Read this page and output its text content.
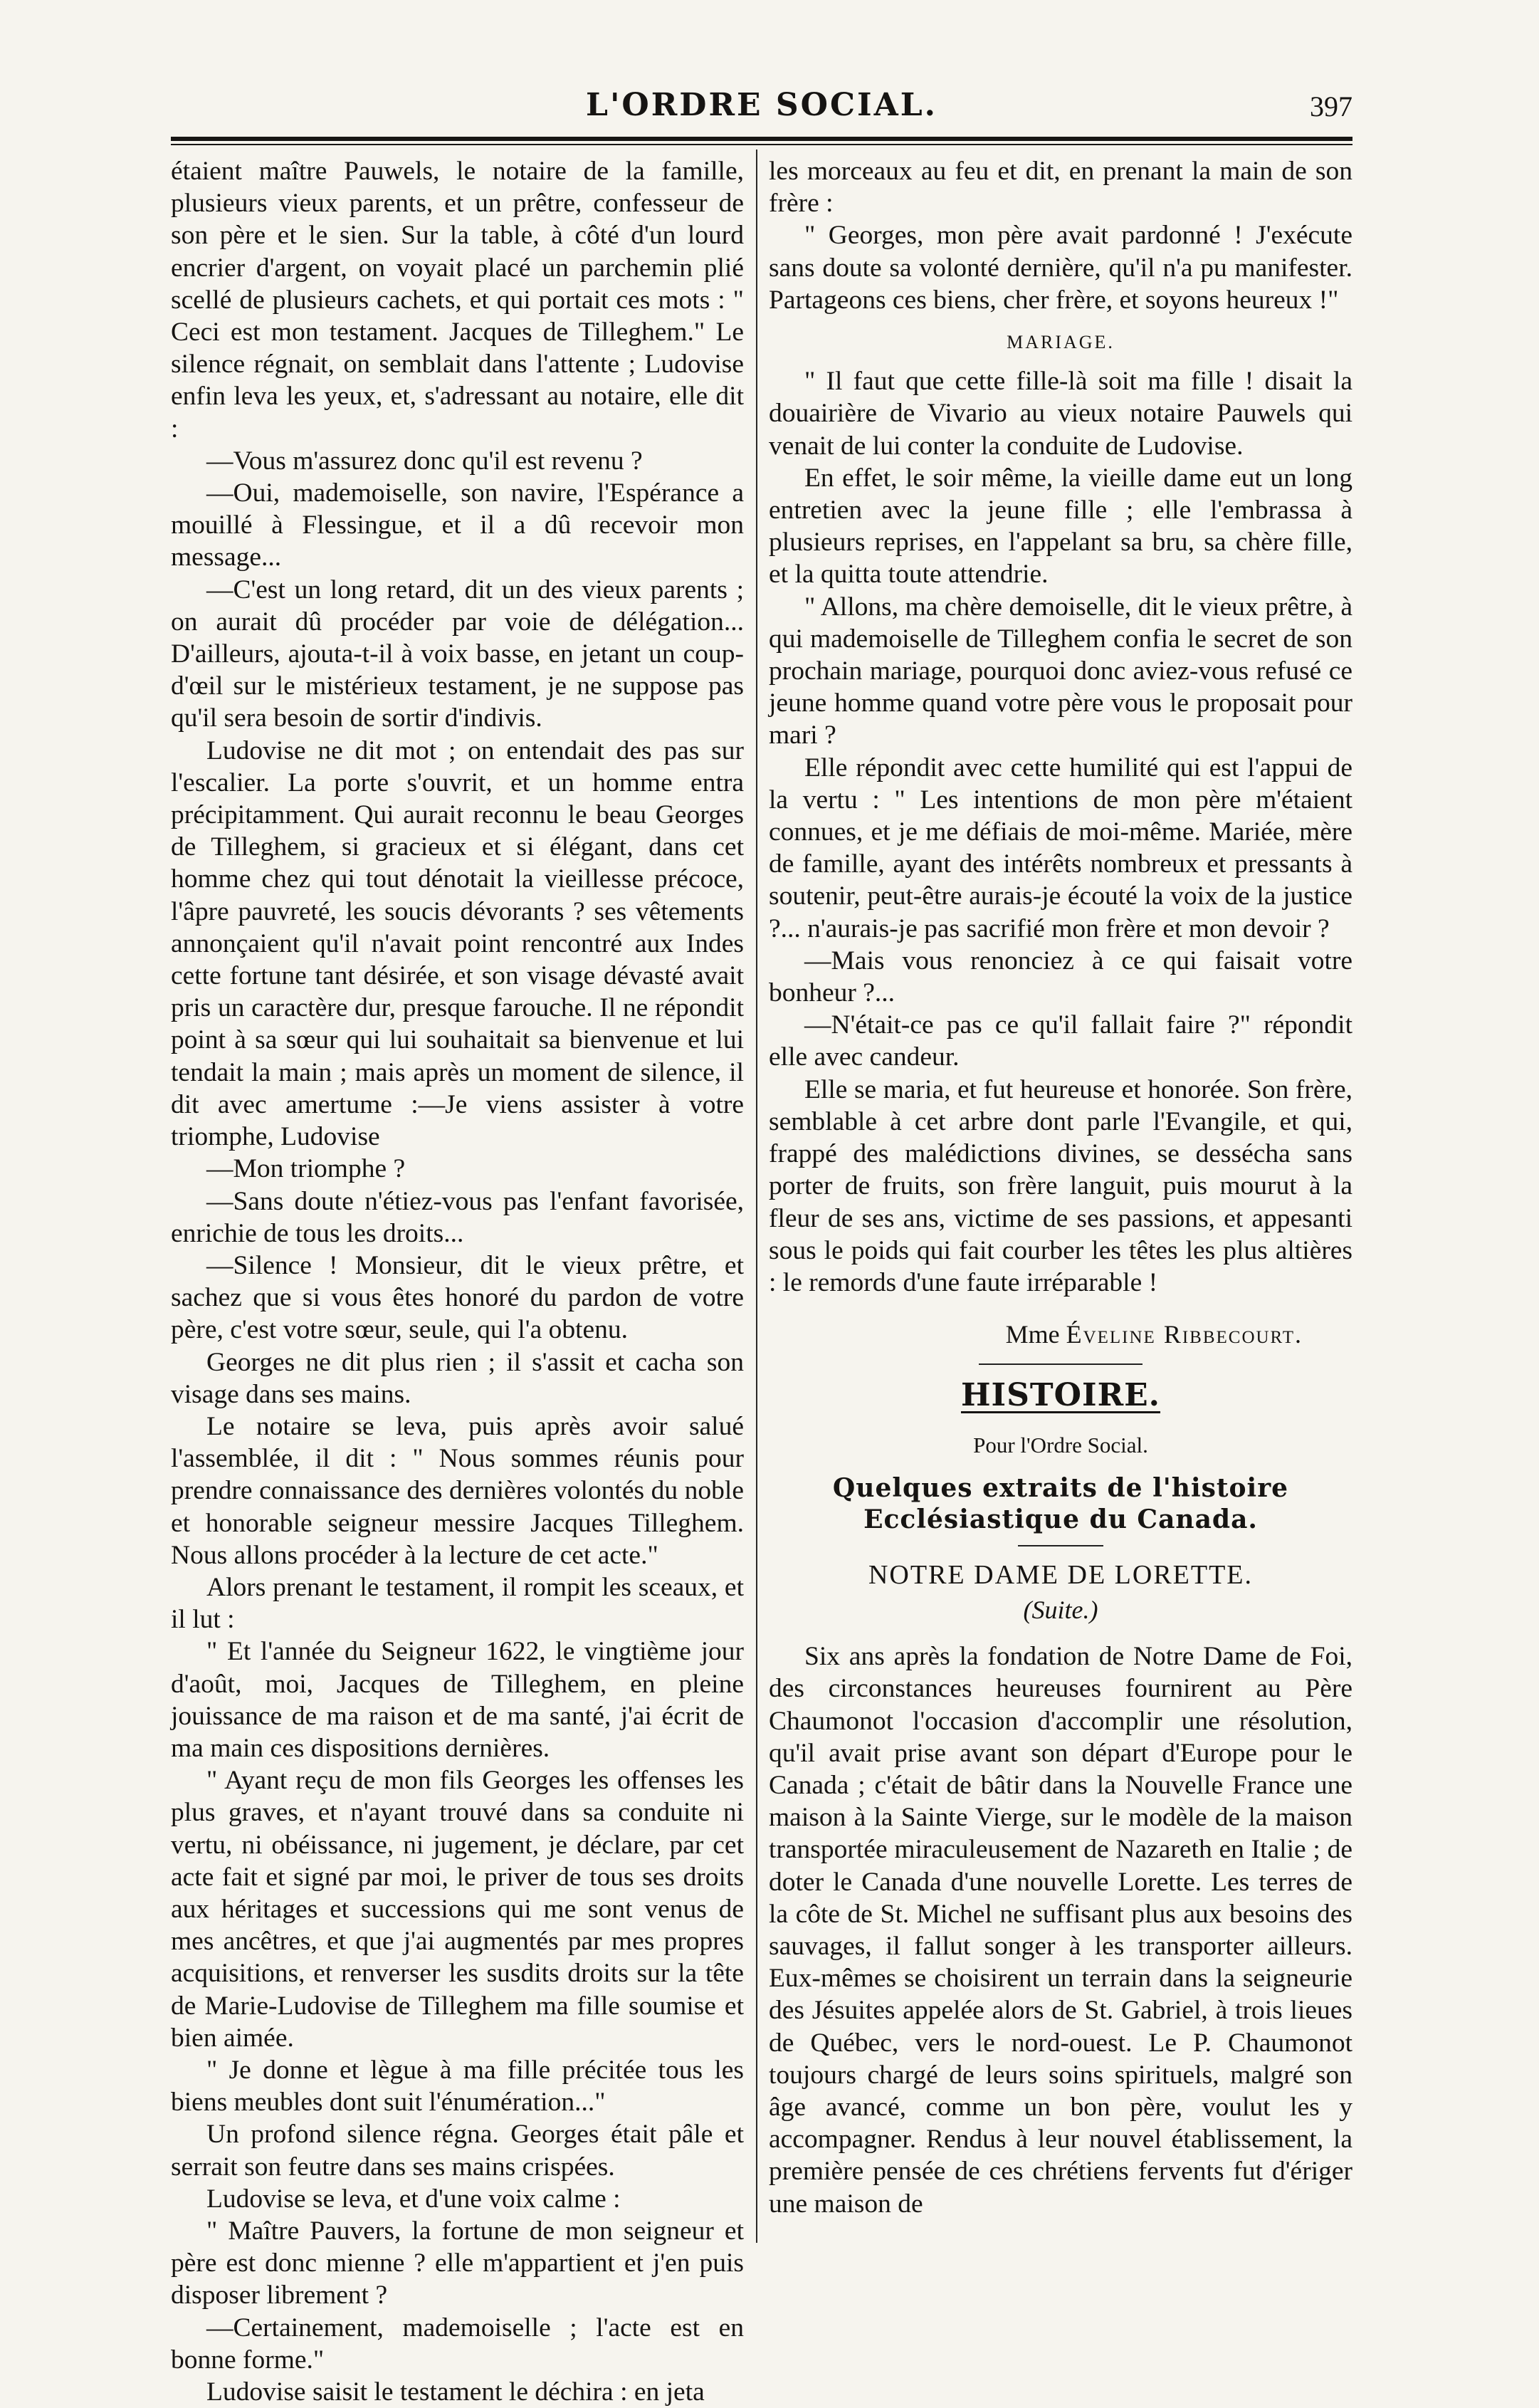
L'ORDRE SOCIAL.	397

étaient maître Pauwels, le notaire de la famille, plusieurs vieux parents, et un prêtre, confesseur de son père et le sien. Sur la table, à côté d'un lourd encrier d'argent, on voyait placé un parchemin plié scellé de plusieurs cachets, et qui portait ces mots : " Ceci est mon testament. Jacques de Tilleghem." Le silence régnait, on semblait dans l'attente ; Ludovise enfin leva les yeux, et, s'adressant au notaire, elle dit :

—Vous m'assurez donc qu'il est revenu ?

—Oui, mademoiselle, son navire, l'Espérance a mouillé à Flessingue, et il a dû recevoir mon message...

—C'est un long retard, dit un des vieux parents ; on aurait dû procéder par voie de délégation... D'ailleurs, ajouta-t-il à voix basse, en jetant un coup-d'œil sur le mistérieux testament, je ne suppose pas qu'il sera besoin de sortir d'indivis.

Ludovise ne dit mot ; on entendait des pas sur l'escalier. La porte s'ouvrit, et un homme entra précipitamment. Qui aurait reconnu le beau Georges de Tilleghem, si gracieux et si élégant, dans cet homme chez qui tout dénotait la vieillesse précoce, l'âpre pauvreté, les soucis dévorants ? ses vêtements annonçaient qu'il n'avait point rencontré aux Indes cette fortune tant désirée, et son visage dévasté avait pris un caractère dur, presque farouche. Il ne répondit point à sa sœur qui lui souhaitait sa bienvenue et lui tendait la main ; mais après un moment de silence, il dit avec amertume :—Je viens assister à votre triomphe, Ludovise

—Mon triomphe ?

—Sans doute n'étiez-vous pas l'enfant favorisée, enrichie de tous les droits...

—Silence ! Monsieur, dit le vieux prêtre, et sachez que si vous êtes honoré du pardon de votre père, c'est votre sœur, seule, qui l'a obtenu.

Georges ne dit plus rien ; il s'assit et cacha son visage dans ses mains.

Le notaire se leva, puis après avoir salué l'assemblée, il dit : " Nous sommes réunis pour prendre connaissance des dernières volontés du noble et honorable seigneur messire Jacques Tilleghem. Nous allons procéder à la lecture de cet acte."

Alors prenant le testament, il rompit les sceaux, et il lut :

" Et l'année du Seigneur 1622, le vingtième jour d'août, moi, Jacques de Tilleghem, en pleine jouissance de ma raison et de ma santé, j'ai écrit de ma main ces dispositions dernières.

" Ayant reçu de mon fils Georges les offenses les plus graves, et n'ayant trouvé dans sa conduite ni vertu, ni obéissance, ni jugement, je déclare, par cet acte fait et signé par moi, le priver de tous ses droits aux héritages et successions qui me sont venus de mes ancêtres, et que j'ai augmentés par mes propres acquisitions, et renverser les susdits droits sur la tête de Marie-Ludovise de Tilleghem ma fille soumise et bien aimée.

" Je donne et lègue à ma fille précitée tous les biens meubles dont suit l'énumération..."

Un profond silence régna. Georges était pâle et serrait son feutre dans ses mains crispées.

Ludovise se leva, et d'une voix calme :

" Maître Pauvers, la fortune de mon seigneur et père est donc mienne ? elle m'appartient et j'en puis disposer librement ?

—Certainement, mademoiselle ; l'acte est en bonne forme."

Ludovise saisit le testament le déchira : en jeta

les morceaux au feu et dit, en prenant la main de son frère :

" Georges, mon père avait pardonné ! J'exécute sans doute sa volonté dernière, qu'il n'a pu manifester. Partageons ces biens, cher frère, et soyons heureux !"

MARIAGE.

" Il faut que cette fille-là soit ma fille ! disait la douairière de Vivario au vieux notaire Pauwels qui venait de lui conter la conduite de Ludovise.

En effet, le soir même, la vieille dame eut un long entretien avec la jeune fille ; elle l'embrassa à plusieurs reprises, en l'appelant sa bru, sa chère fille, et la quitta toute attendrie.

" Allons, ma chère demoiselle, dit le vieux prêtre, à qui mademoiselle de Tilleghem confia le secret de son prochain mariage, pourquoi donc aviez-vous refusé ce jeune homme quand votre père vous le proposait pour mari ?

Elle répondit avec cette humilité qui est l'appui de la vertu : " Les intentions de mon père m'étaient connues, et je me défiais de moi-même. Mariée, mère de famille, ayant des intérêts nombreux et pressants à soutenir, peut-être aurais-je écouté la voix de la justice ?... n'aurais-je pas sacrifié mon frère et mon devoir ?

—Mais vous renonciez à ce qui faisait votre bonheur ?...

—N'était-ce pas ce qu'il fallait faire ?" répondit elle avec candeur.

Elle se maria, et fut heureuse et honorée. Son frère, semblable à cet arbre dont parle l'Evangile, et qui, frappé des malédictions divines, se dessécha sans porter de fruits, son frère languit, puis mourut à la fleur de ses ans, victime de ses passions, et appesanti sous le poids qui fait courber les têtes les plus altières : le remords d'une faute irréparable !

Mme Éveline Ribbecourt.
HISTOIRE.
Pour l'Ordre Social.
Quelques extraits de l'histoire Ecclésiastique du Canada.
NOTRE DAME DE LORETTE.
(Suite.)

Six ans après la fondation de Notre Dame de Foi, des circonstances heureuses fournirent au Père Chaumonot l'occasion d'accomplir une résolution, qu'il avait prise avant son départ d'Europe pour le Canada ; c'était de bâtir dans la Nouvelle France une maison à la Sainte Vierge, sur le modèle de la maison transportée miraculeusement de Nazareth en Italie ; de doter le Canada d'une nouvelle Lorette. Les terres de la côte de St. Michel ne suffisant plus aux besoins des sauvages, il fallut songer à les transporter ailleurs. Eux-mêmes se choisirent un terrain dans la seigneurie des Jésuites appelée alors de St. Gabriel, à trois lieues de Québec, vers le nord-ouest. Le P. Chaumonot toujours chargé de leurs soins spirituels, malgré son âge avancé, comme un bon père, voulut les y accompagner. Rendus à leur nouvel établissement, la première pensée de ces chrétiens fervents fut d'ériger une maison de
